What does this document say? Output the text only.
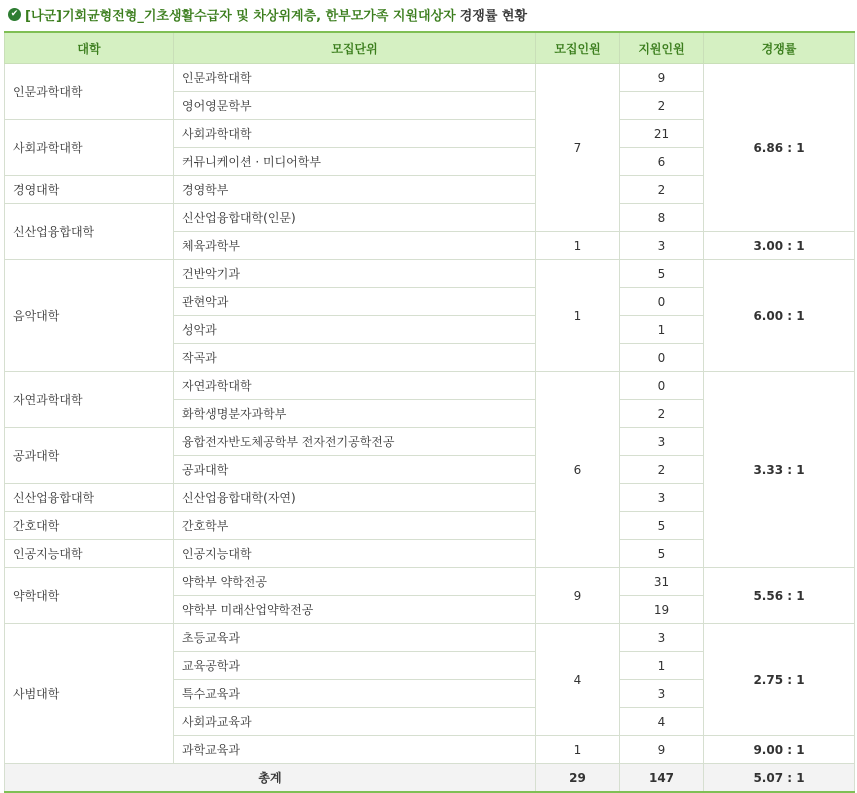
✔ [나군]기회균형전형_기초생활수급자 및 차상위계층, 한부모가족 지원대상자 경쟁률 현황
대학	모집단위	모집인원	지원인원	경쟁률
인문과학대학	인문과학대학	7	9	6.86 : 1
	영어영문학부		2	
사회과학대학	사회과학대학		21	
	커뮤니케이션 · 미디어학부		6	
경영대학	경영학부		2	
신산업융합대학	신산업융합대학(인문)		8	
	체육과학부	1	3	3.00 : 1
음악대학	건반악기과	1	5	6.00 : 1
	관현악과		0	
	성악과		1	
	작곡과		0	
자연과학대학	자연과학대학	6	0	3.33 : 1
	화학생명분자과학부		2	
공과대학	융합전자반도체공학부 전자전기공학전공		3	
	공과대학		2	
신산업융합대학	신산업융합대학(자연)		3	
간호대학	간호학부		5	
인공지능대학	인공지능대학		5	
약학대학	약학부 약학전공	9	31	5.56 : 1
	약학부 미래산업약학전공		19	
사범대학	초등교육과	4	3	2.75 : 1
	교육공학과		1	
	특수교육과		3	
	사회과교육과		4	
	과학교육과	1	9	9.00 : 1
총계		29	147	5.07 : 1
